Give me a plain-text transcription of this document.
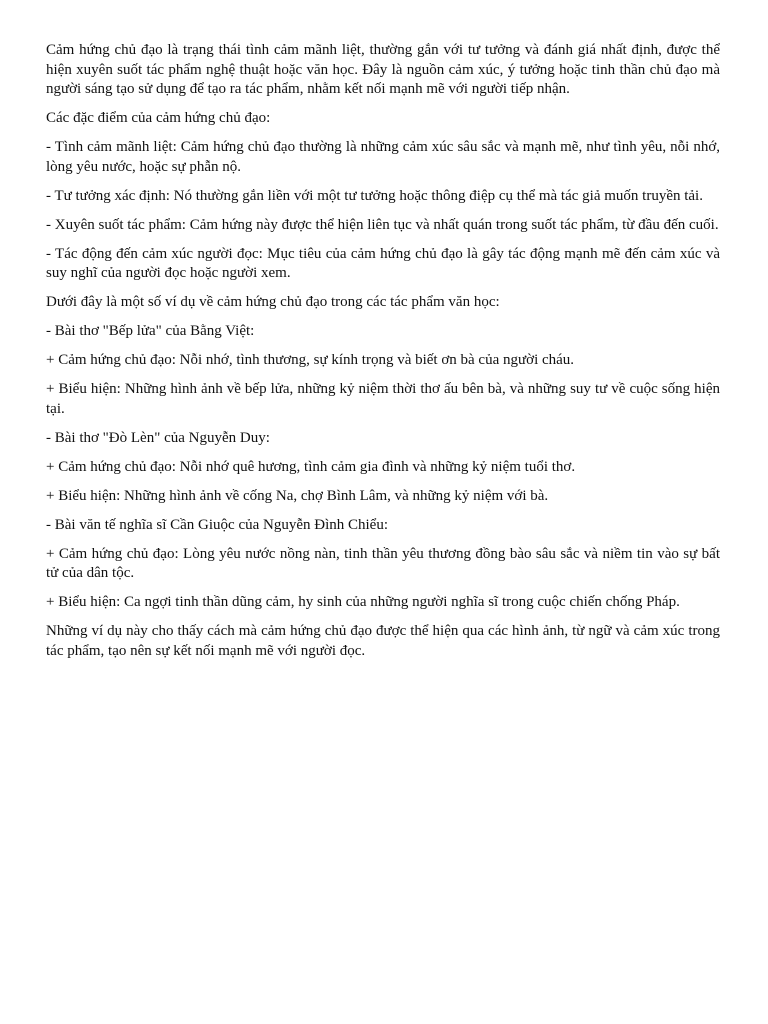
Cảm hứng chủ đạo là trạng thái tình cảm mãnh liệt, thường gắn với tư tưởng và đánh giá nhất định, được thể hiện xuyên suốt tác phẩm nghệ thuật hoặc văn học. Đây là nguồn cảm xúc, ý tưởng hoặc tinh thần chủ đạo mà người sáng tạo sử dụng để tạo ra tác phẩm, nhằm kết nối mạnh mẽ với người tiếp nhận.

Các đặc điểm của cảm hứng chủ đạo:

- Tình cảm mãnh liệt: Cảm hứng chủ đạo thường là những cảm xúc sâu sắc và mạnh mẽ, như tình yêu, nỗi nhớ, lòng yêu nước, hoặc sự phẫn nộ.

- Tư tưởng xác định: Nó thường gắn liền với một tư tưởng hoặc thông điệp cụ thể mà tác giả muốn truyền tải.

- Xuyên suốt tác phẩm: Cảm hứng này được thể hiện liên tục và nhất quán trong suốt tác phẩm, từ đầu đến cuối.

- Tác động đến cảm xúc người đọc: Mục tiêu của cảm hứng chủ đạo là gây tác động mạnh mẽ đến cảm xúc và suy nghĩ của người đọc hoặc người xem.

Dưới đây là một số ví dụ về cảm hứng chủ đạo trong các tác phẩm văn học:

- Bài thơ "Bếp lửa" của Bằng Việt:

+ Cảm hứng chủ đạo: Nỗi nhớ, tình thương, sự kính trọng và biết ơn bà của người cháu.

+ Biểu hiện: Những hình ảnh về bếp lửa, những kỷ niệm thời thơ ấu bên bà, và những suy tư về cuộc sống hiện tại.

- Bài thơ "Đò Lèn" của Nguyễn Duy:

+ Cảm hứng chủ đạo: Nỗi nhớ quê hương, tình cảm gia đình và những kỷ niệm tuổi thơ.

+ Biểu hiện: Những hình ảnh về cống Na, chợ Bình Lâm, và những kỷ niệm với bà.

- Bài văn tế nghĩa sĩ Cần Giuộc của Nguyễn Đình Chiểu:

+ Cảm hứng chủ đạo: Lòng yêu nước nồng nàn, tinh thần yêu thương đồng bào sâu sắc và niềm tin vào sự bất tử của dân tộc.

+ Biểu hiện: Ca ngợi tinh thần dũng cảm, hy sinh của những người nghĩa sĩ trong cuộc chiến chống Pháp.

Những ví dụ này cho thấy cách mà cảm hứng chủ đạo được thể hiện qua các hình ảnh, từ ngữ và cảm xúc trong tác phẩm, tạo nên sự kết nối mạnh mẽ với người đọc.
